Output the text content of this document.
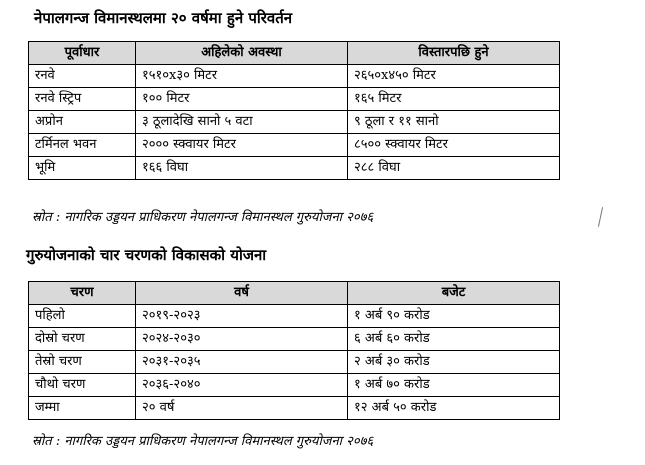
नेपालगन्ज विमानस्थलमा २० वर्षमा हुने परिवर्तन
पूर्वाधार	अहिलेको अवस्था	विस्तारपछि हुने
रनवे	१५१०x३० मिटर	२६५०x४५० मिटर
रनवे स्ट्रिप	१०० मिटर	१६५ मिटर
अप्रोन	३ ठूलादेखि सानो ५ वटा	९ ठूला र ११ सानो
टर्मिनल भवन	२००० स्क्वायर मिटर	८५०० स्क्वायर मिटर
भूमि	१६६ विघा	२८८ विघा
स्रोत : नागरिक उड्डयन प्राधिकरण नेपालगन्ज विमानस्थल गुरुयोजना २०७६
गुरुयोजनाको चार चरणको विकासको योजना
चरण	वर्ष	बजेट
पहिलो	२०१९-२०२३	१ अर्ब ९० करोड
दोस्रो चरण	२०२४-२०३०	६ अर्ब ६० करोड
तेस्रो चरण	२०३१-२०३५	२ अर्ब ३० करोड
चौथो चरण	२०३६-२०४०	१ अर्ब ७० करोड
जम्मा	२० वर्ष	१२ अर्ब ५० करोड
स्रोत : नागरिक उड्डयन प्राधिकरण नेपालगन्ज विमानस्थल गुरुयोजना २०७६
